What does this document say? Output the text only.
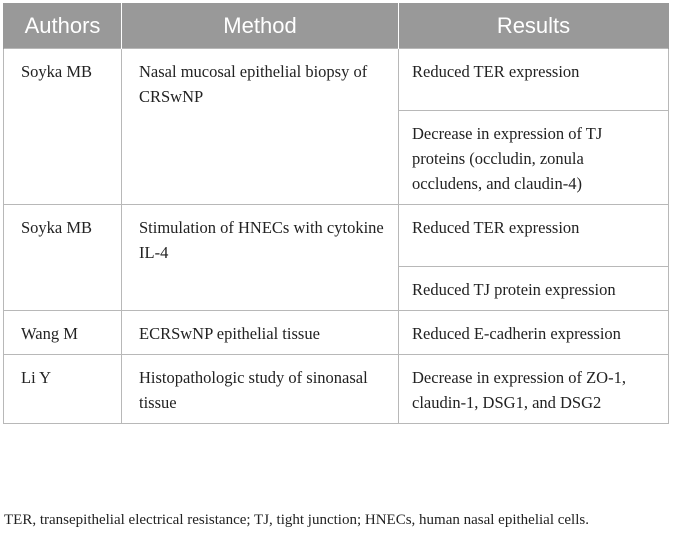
Authors	Method	Results
Soyka MB	Nasal mucosal epithelial biopsy of CRSwNP	Reduced TER expression
		Decrease in expression of TJ proteins (occludin, zonula occludens, and claudin-4)
Soyka MB	Stimulation of HNECs with cytokine IL-4	Reduced TER expression
		Reduced TJ protein expression
Wang M	ECRSwNP epithelial tissue	Reduced E-cadherin expression
Li Y	Histopathologic study of sinonasal tissue	Decrease in expression of ZO-1, claudin-1, DSG1, and DSG2
TER, transepithelial electrical resistance; TJ, tight junction; HNECs, human nasal epithelial cells.
